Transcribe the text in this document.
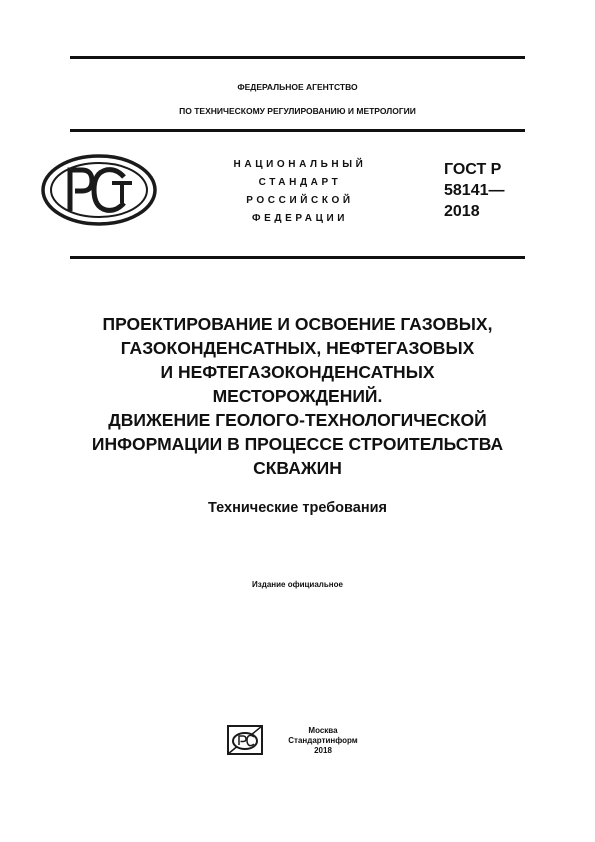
ФЕДЕРАЛЬНОЕ АГЕНТСТВО
ПО ТЕХНИЧЕСКОМУ РЕГУЛИРОВАНИЮ И МЕТРОЛОГИИ
НАЦИОНАЛЬНЫЙ
СТАНДАРТ
РОССИЙСКОЙ
ФЕДЕРАЦИИ
ГОСТ Р
58141—
2018
ПРОЕКТИРОВАНИЕ И ОСВОЕНИЕ ГАЗОВЫХ,
ГАЗОКОНДЕНСАТНЫХ, НЕФТЕГАЗОВЫХ
И НЕФТЕГАЗОКОНДЕНСАТНЫХ
МЕСТОРОЖДЕНИЙ.
ДВИЖЕНИЕ ГЕОЛОГО-ТЕХНОЛОГИЧЕСКОЙ
ИНФОРМАЦИИ В ПРОЦЕССЕ СТРОИТЕЛЬСТВА
СКВАЖИН
Технические требования
Издание официальное
Москва
Стандартинформ
2018
